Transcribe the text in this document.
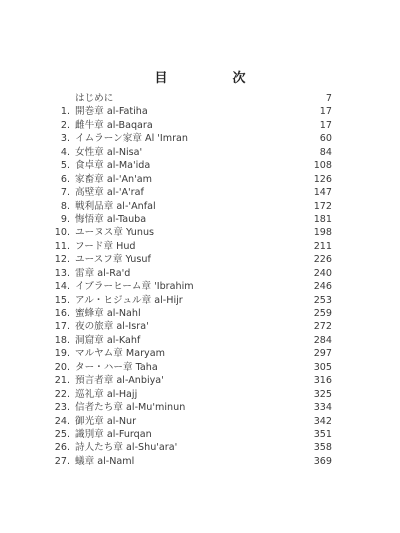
目　次
はじめに	7
1. 開巻章 al-Fatiha	17
2. 雌牛章 al-Baqara	17
3. イムラーン家章 Al 'Imran	60
4. 女性章 al-Nisa'	84
5. 食卓章 al-Ma'ida	108
6. 家畜章 al-'An'am	126
7. 高壁章 al-'A'raf	147
8. 戦利品章 al-'Anfal	172
9. 悔悟章 al-Tauba	181
10. ユーヌス章 Yunus	198
11. フード章 Hud	211
12. ユースフ章 Yusuf	226
13. 雷章 al-Ra'd	240
14. イブラーヒーム章 'Ibrahim	246
15. アル・ヒジュル章 al-Hijr	253
16. 蜜蜂章 al-Nahl	259
17. 夜の旅章 al-Isra'	272
18. 洞窟章 al-Kahf	284
19. マルヤム章 Maryam	297
20. ター・ハー章 Taha	305
21. 預言者章 al-Anbiya'	316
22. 巡礼章 al-Hajj	325
23. 信者たち章 al-Mu'minun	334
24. 御光章 al-Nur	342
25. 識別章 al-Furqan	351
26. 詩人たち章 al-Shu'ara'	358
27. 蟻章 al-Naml	369
